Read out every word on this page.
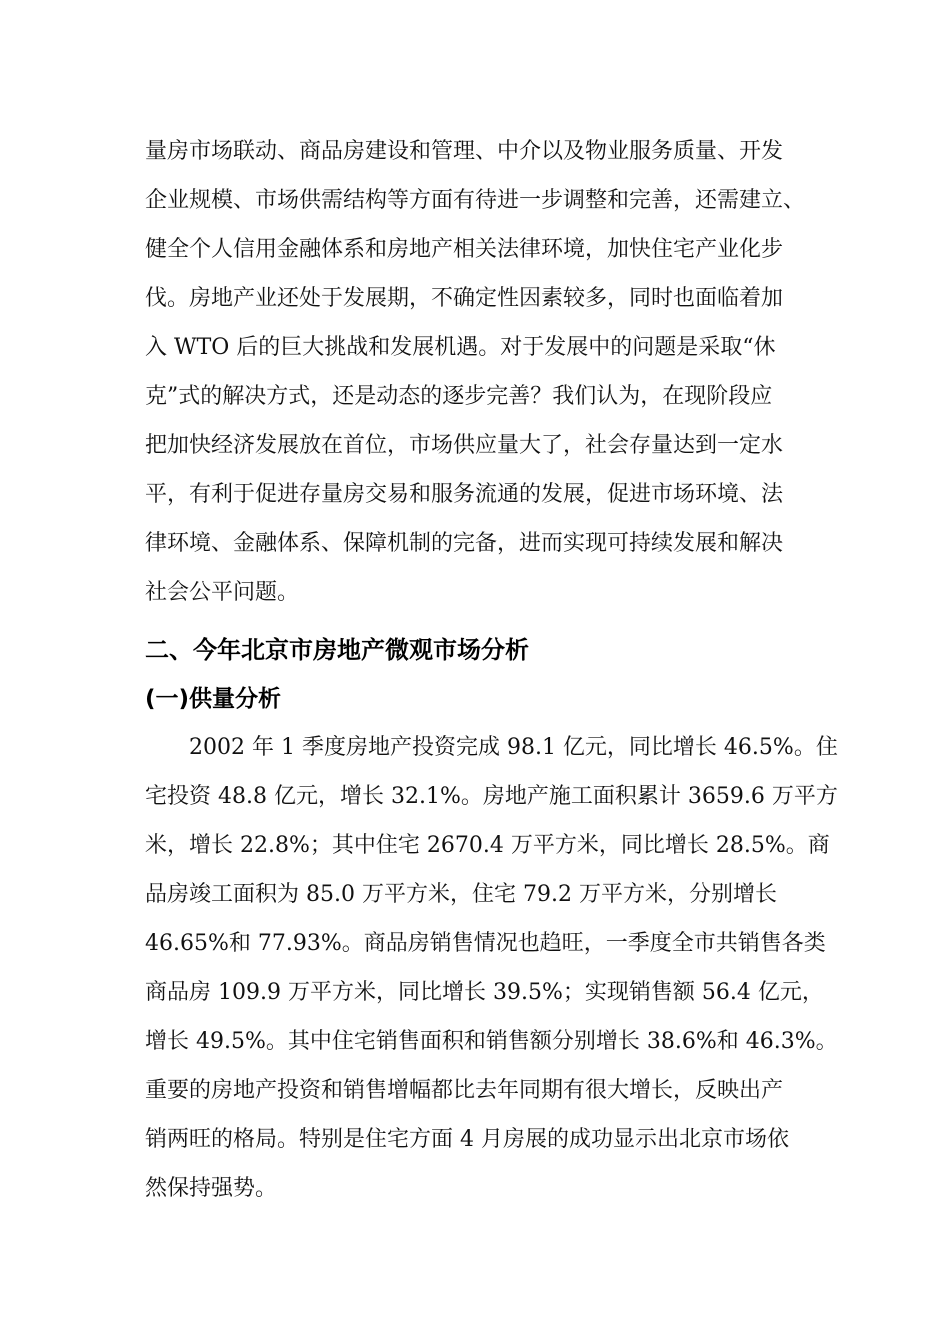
量房市场联动、商品房建设和管理、中介以及物业服务质量、开发
企业规模、市场供需结构等方面有待进一步调整和完善，还需建立、
健全个人信用金融体系和房地产相关法律环境，加快住宅产业化步
伐。房地产业还处于发展期，不确定性因素较多，同时也面临着加
入 WTO 后的巨大挑战和发展机遇。对于发展中的问题是采取“休
克”式的解决方式，还是动态的逐步完善？我们认为，在现阶段应
把加快经济发展放在首位，市场供应量大了，社会存量达到一定水
平，有利于促进存量房交易和服务流通的发展，促进市场环境、法
律环境、金融体系、保障机制的完备，进而实现可持续发展和解决
社会公平问题。
二、今年北京市房地产微观市场分析
(一)供量分析
　　2002 年 1 季度房地产投资完成 98.1 亿元，同比增长 46.5%。住
宅投资 48.8 亿元，增长 32.1%。房地产施工面积累计 3659.6 万平方
米，增长 22.8%；其中住宅 2670.4 万平方米，同比增长 28.5%。商
品房竣工面积为 85.0 万平方米，住宅 79.2 万平方米，分别增长
46.65%和 77.93%。商品房销售情况也趋旺，一季度全市共销售各类
商品房 109.9 万平方米，同比增长 39.5%；实现销售额 56.4 亿元，
增长 49.5%。其中住宅销售面积和销售额分别增长 38.6%和 46.3%。
重要的房地产投资和销售增幅都比去年同期有很大增长，反映出产
销两旺的格局。特别是住宅方面 4 月房展的成功显示出北京市场依
然保持强势。
